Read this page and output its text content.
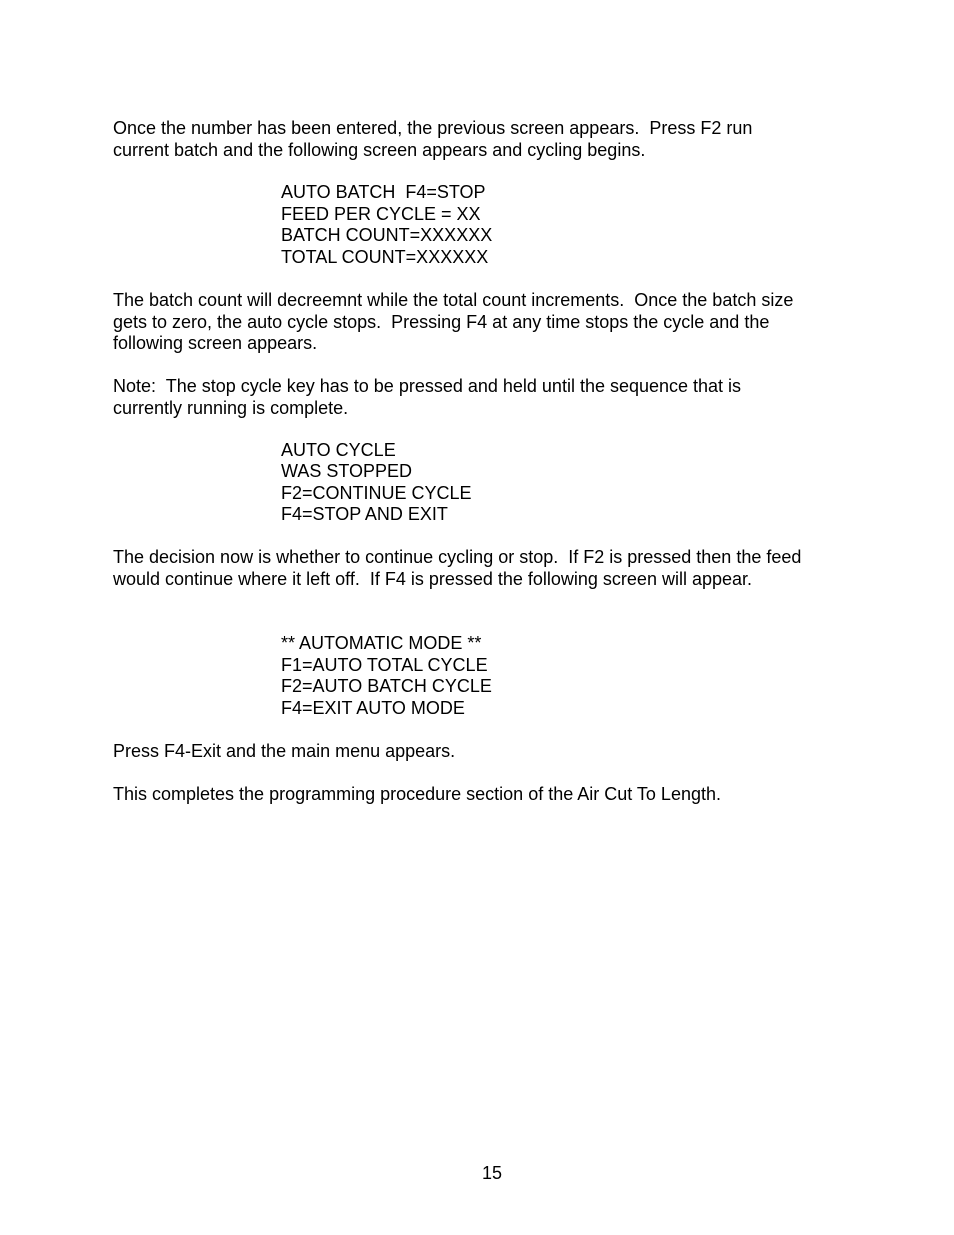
Once the number has been entered, the previous screen appears.  Press F2 run
current batch and the following screen appears and cycling begins.
AUTO BATCH  F4=STOP
FEED PER CYCLE = XX
BATCH COUNT=XXXXXX
TOTAL COUNT=XXXXXX
The batch count will decreemnt while the total count increments.  Once the batch size
gets to zero, the auto cycle stops.  Pressing F4 at any time stops the cycle and the
following screen appears.
Note:  The stop cycle key has to be pressed and held until the sequence that is
currently running is complete.
AUTO CYCLE
WAS STOPPED
F2=CONTINUE CYCLE
F4=STOP AND EXIT
The decision now is whether to continue cycling or stop.  If F2 is pressed then the feed
would continue where it left off.  If F4 is pressed the following screen will appear.
** AUTOMATIC MODE **
F1=AUTO TOTAL CYCLE
F2=AUTO BATCH CYCLE
F4=EXIT AUTO MODE
Press F4-Exit and the main menu appears.
This completes the programming procedure section of the Air Cut To Length.
15
